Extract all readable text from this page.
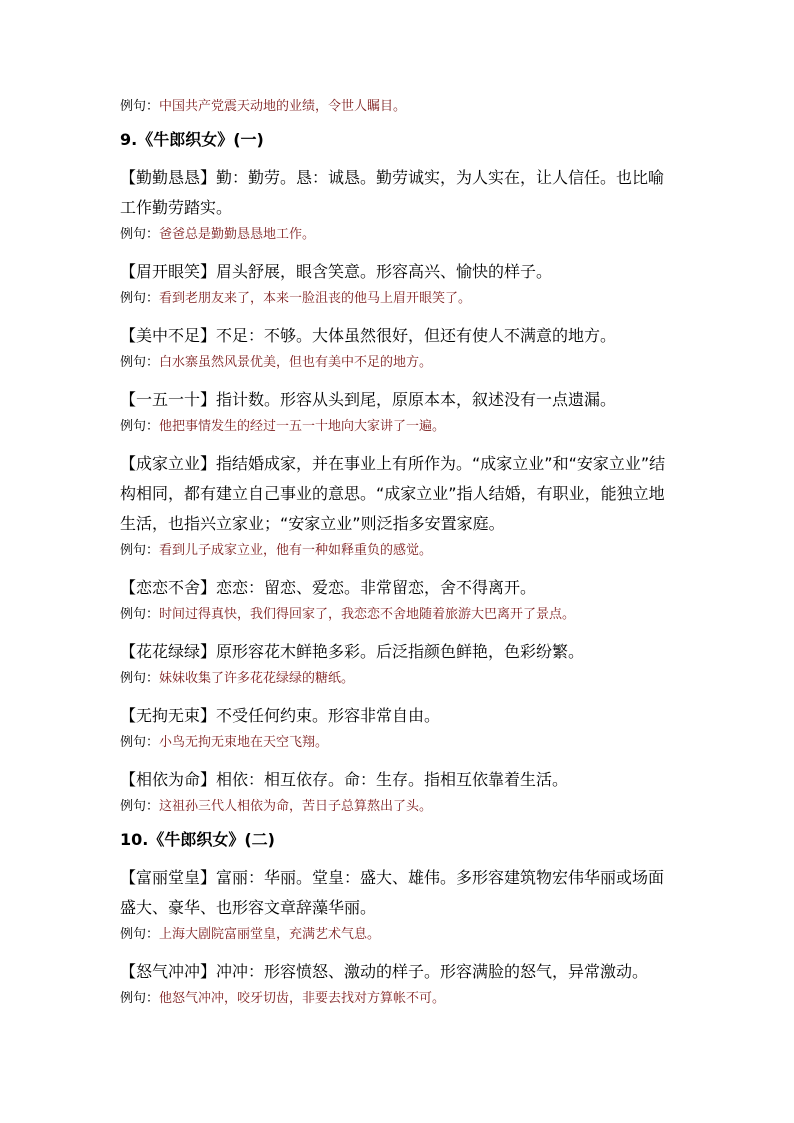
例句：中国共产党震天动地的业绩，令世人瞩目。
9.《牛郎织女》(一)
【勤勤恳恳】勤：勤劳。恳：诚恳。勤劳诚实，为人实在，让人信任。也比喻工作勤劳踏实。
例句：爸爸总是勤勤恳恳地工作。
【眉开眼笑】眉头舒展，眼含笑意。形容高兴、愉快的样子。
例句：看到老朋友来了，本来一脸沮丧的他马上眉开眼笑了。
【美中不足】不足：不够。大体虽然很好，但还有使人不满意的地方。
例句：白水寨虽然风景优美，但也有美中不足的地方。
【一五一十】指计数。形容从头到尾，原原本本，叙述没有一点遗漏。
例句：他把事情发生的经过一五一十地向大家讲了一遍。
【成家立业】指结婚成家，并在事业上有所作为。“成家立业”和“安家立业”结构相同，都有建立自己事业的意思。“成家立业”指人结婚，有职业，能独立地生活，也指兴立家业；“安家立业”则泛指多安置家庭。
例句：看到儿子成家立业，他有一种如释重负的感觉。
【恋恋不舍】恋恋：留恋、爱恋。非常留恋，舍不得离开。
例句：时间过得真快，我们得回家了，我恋恋不舍地随着旅游大巴离开了景点。
【花花绿绿】原形容花木鲜艳多彩。后泛指颜色鲜艳，色彩纷繁。
例句：妹妹收集了许多花花绿绿的糖纸。
【无拘无束】不受任何约束。形容非常自由。
例句：小鸟无拘无束地在天空飞翔。
【相依为命】相依：相互依存。命：生存。指相互依靠着生活。
例句：这祖孙三代人相依为命，苦日子总算熬出了头。
10.《牛郎织女》(二)
【富丽堂皇】富丽：华丽。堂皇：盛大、雄伟。多形容建筑物宏伟华丽或场面盛大、豪华、也形容文章辞藻华丽。
例句：上海大剧院富丽堂皇，充满艺术气息。
【怒气冲冲】冲冲：形容愤怒、激动的样子。形容满脸的怒气，异常激动。
例句：他怒气冲冲，咬牙切齿，非要去找对方算帐不可。
